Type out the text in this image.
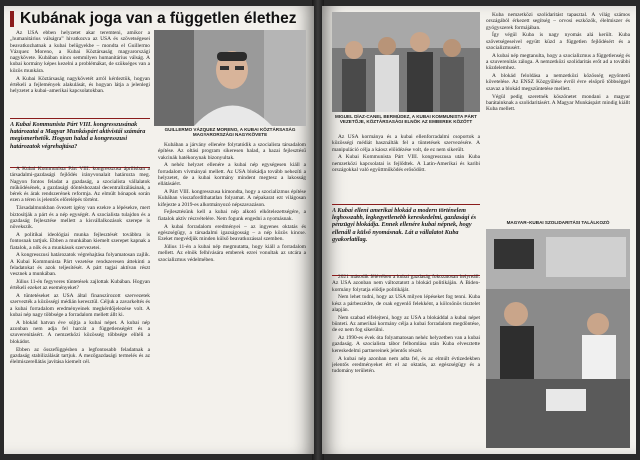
Kubának joga van a független élethez

Az USA ebben helyzetet akar teremteni, amikor a „humanitárius válságra” hivatkozva az USA és szövetségesei beavatkozhatnak a kubai belügyekbe – mondta el Guillermo Vázquez Moreno, a Kubai Köztársaság magyarországi nagykövete. Kubában nincs semmilyen humanitárius válság. A kubai kormány képes kezelni a problémákat, de szükséges van a közös munkára.

A Kubai Köztársaság nagykövetét arról kérdeztük, hogyan értékeli a fejlemények alakulását, és hogyan látja a jelenlegi helyzetet a kubai–amerikai kapcsolatokban.

GUILLERMO VÁZQUEZ MORENO, A KUBAI KÖZTÁRSASÁG MAGYARORSZÁGI NAGYKÖVETE
A Kubai Kommunista Párt VIII. kongresszusának határozatai a Magyar Munkáspárt aktivistái számára megismerhetők. Hogyan halad a kongresszusi határozatok végrehajtása?

A Kubai Kommunista Párt VIII. kongresszusa áprilisban a társadalmi-gazdasági fejlődés irányvonalait határozta meg. Nagyon fontos feladat a gazdaság, a szocialista vállalatok működésének, a gazdasági döntéshozatal decentralizálásának, a bérek és árak rendszerének reformja. Az elmúlt hónapok során ezen a téren is jelentős előrelépés történt.

Társadalmunkban övezett igény van ezekre a lépésekre, mert biztosítják a párt és a nép egységét. A szocialista tulajdon és a gazdaság fejlesztése mellett a kisvállalkozások szerepe is növekszik.

A politikai ideológiai munka fejlesztését továbbra is fontosnak tartjuk. Ebben a munkában kiemelt szerepet kapnak a fiatalok, a nők és a munkások szervezetei.

A kongresszusi határozatok végrehajtása folyamatosan zajlik. A Kubai Kommunista Párt vezetése rendszeresen áttekinti a feladatokat és azok teljesítését. A párt tagjai aktívan részt vesznek a munkában.

Július 11-én fegyveres tüntetések zajlottak Kubában. Hogyan értékeli ezeket az eseményeket?

A tüntetéseket az USA által finanszírozott szervezetek szervezték a közösségi médián keresztül. Céljuk a zavarkeltés és a kubai forradalom eredményeinek megkérdőjelezése volt. A kubai nép nagy többsége a forradalom mellett állt ki.

A blokád hatvan éve sújtja a kubai népet. A kubai nép azonban nem adja fel harcát a függetlenségért és a szuverenitásért. A nemzetközi közösség többsége elítéli a blokádot.

Ebben az összefüggésben a legfontosabb feladatnak a gazdaság stabilizálását tartjuk. A mezőgazdasági termelés és az élelmiszerellátás javítása kiemelt cél.

Kubában a járvány ellenére folytatódik a szocialista társadalom építése. Az oltási program sikeresen halad, a hazai fejlesztésű vakcinák hatékonynak bizonyultak.

A nehéz helyzet ellenére a kubai nép egységesen kiáll a forradalom vívmányai mellett. Az USA blokádja tovább nehezíti a helyzetet, de a kubai kormány mindent megtesz a lakosság ellátásáért.

A Párt VIII. kongresszusa kimondta, hogy a szocializmus építése Kubában visszafordíthatatlan folyamat. A népakarat ezt világosan kifejezte a 2019-es alkotmányozó népszavazáson.

Fejlesztésünk kell a kubai nép alkotó elkötelezettségére, a fiatalok aktív részvételére. Nem fogunk engedni a nyomásnak.

A kubai forradalom eredményei – az ingyenes oktatás és egészségügy, a társadalmi igazságosság – a nép közös kincse. Ezeket megvédjük minden külső beavatkozással szemben.

Július 11-én a kubai nép megmutatta, hogy kiáll a forradalom mellett. Az elnök felhívására emberek ezrei vonultak az utcára a szocializmus védelmében.

MIGUEL DÍAZ-CANEL BERMÚDEZ, A KUBAI KOMMUNISTA PÁRT VEZETŐJE, KÖZTÁRSASÁGI ELNÖK AZ EMBEREK KÖZÖTT

Az USA kormánya és a kubai ellenforradalmi csoportok a közösségi médiát használták fel a tüntetések szervezésére. A manipuláció célja a káosz előidézése volt, de ez nem sikerült.

A Kubai Kommunista Párt VIII. kongresszusa után Kuba nemzetközi kapcsolatai is fejlődtek. A Latin-Amerikai és karibi országokkal való együttműködés erősödött.

A Kubai elleni amerikai blokád a modern történelem leghosszabb, legkegyetlenebb kereskedelmi, gazdasági és pénzügyi blokádja. Ennek ellenére kubai népnek, hogy ellenáll a külső nyomásnak. Lát a vállalatot Kuba gyakorlatilag.

2021 második félévében a kubai gazdaság fokozatosan helyreáll. Az USA azonban nem változtatott a blokád politikáján. A Biden-kormány folytatja elődje politikáját.

Nem lehet tudni, hogy az USA milyen lépéseket fog tenni. Kuba kész a párbeszédre, de csak egyenlő felekként, a kölcsönös tisztelet alapján.

Nem szabad elfelejteni, hogy az USA a blokáddal a kubai népet bünteti. Az amerikai kormány célja a kubai forradalom megdöntése, de ez nem fog sikerülni.

Az 1990-es évek óta folyamatosan nehéz helyzetben van a kubai gazdaság. A szocialista tábor felbomlása után Kuba elvesztette kereskedelmi partnereinek jelentős részét.

A kubai nép azonban nem adta fel, és az elmúlt évtizedekben jelentős eredményeket ért el az oktatás, az egészségügy és a tudomány területén.

Kuba nemzetközi szolidaritást tapasztal. A világ számos országából érkezett segítség – orvosi eszközök, élelmiszer és gyógyszerek formájában.

Így végül Kuba is nagy nyomás alá került. Kuba szövetségeseivel együtt küzd a független fejlődésért és a szocializmusért.

A kubai nép megtanulta, hogy a szocializmus a függetlenség és a szuverenitás záloga. A nemzetközi szolidaritás erőt ad a további küzdelemhez.

A blokád feloldása a nemzetközi közösség egyöntetű követelése. Az ENSZ Közgyűlése évről évre elsöprő többséggel szavaz a blokád megszüntetése mellett.

Végül pedig szeretnék köszönetet mondani a magyar barátainknak a szolidaritásért. A Magyar Munkáspárt mindig kiállt Kuba mellett.

MAGYAR–KUBAI SZOLIDARITÁSI TALÁLKOZÓ
